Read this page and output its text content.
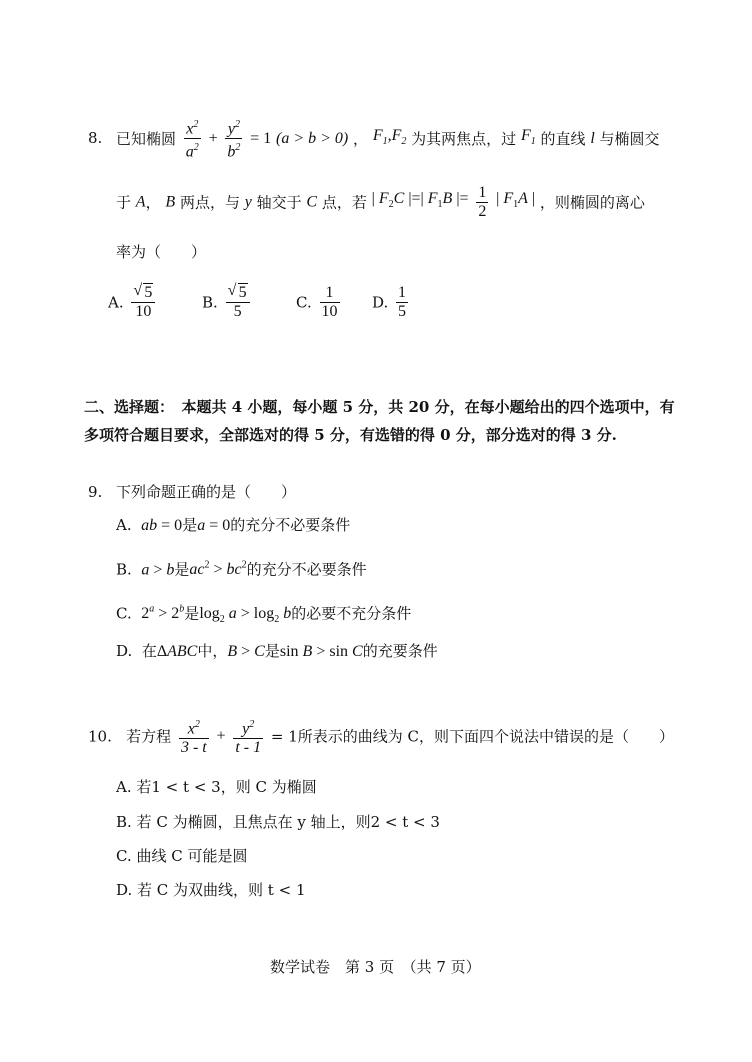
8. 已知椭圆 $\frac{x^2}{a^2} + \frac{y^2}{b^2} = 1$ (a > b > 0) ， $F_1,F_2$ 为其两焦点，过 $F_1$ 的直线 l 与椭圆交
于 A， B 两点，与 y 轴交于 C 点，若 | $F_2C$ |=| $F_1B$ |= $\frac{1}{2}$ | $F_1A$ | ，则椭圆的离心
率为（　　）
A. $\frac{√ 5}{10}$	B. $\frac{√ 5}{5}$	C. $\frac{1}{10} D$. $\frac{1}{5}$
二、选择题：　本题共 4 小题，每小题 5 分，共 20 分，在每小题给出的四个选项中，有
多项符合题目要求，全部选对的得 5 分，有选错的得 0 分，部分选对的得 3 分.
9. 下列命题正确的是（　　）
A. ab = 0是a = 0的充分不必要条件
B. a > b是$ac^2 > bc^2$的充分不必要条件
C. $2^a > 2^b$是$\log_2 a > \log_2 b$的必要不充分条件
D. 在ΔABC中，B > C是sin B > sin C的充要条件
10. 若方程 $\frac{x^2}{3 - t} + \frac{y^2}{t - 1} = 1$所表示的曲线为 C，则下面四个说法中错误的是（　　）
A. 若1 < t < 3，则 C 为椭圆
B. 若 C 为椭圆，且焦点在 y 轴上，则2 < t < 3
C. 曲线 C 可能是圆
D. 若 C 为双曲线，则 t < 1
数学试卷　第 3 页　（共 7 页）
